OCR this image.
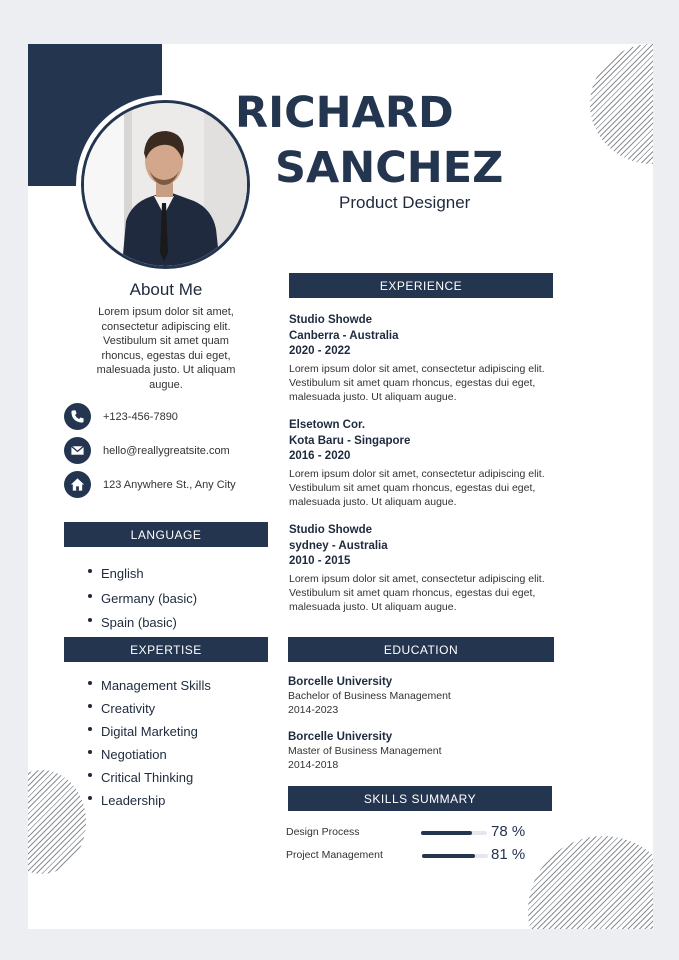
RICHARD
SANCHEZ
Product Designer
About Me
Lorem ipsum dolor sit amet,
consectetur adipiscing elit.
Vestibulum sit amet quam
rhoncus, egestas dui eget,
malesuada justo. Ut aliquam
augue.
+123-456-7890
hello@reallygreatsite.com
123 Anywhere St., Any City
LANGUAGE
English
Germany (basic)
Spain (basic)
EXPERTISE
Management Skills
Creativity
Digital Marketing
Negotiation
Critical Thinking
Leadership
EXPERIENCE
Studio Showde
Canberra - Australia
2020 - 2022
Lorem ipsum dolor sit amet, consectetur adipiscing elit.
Vestibulum sit amet quam rhoncus, egestas dui eget,
malesuada justo. Ut aliquam augue.
Elsetown Cor.
Kota Baru - Singapore
2016 - 2020
Lorem ipsum dolor sit amet, consectetur adipiscing elit.
Vestibulum sit amet quam rhoncus, egestas dui eget,
malesuada justo. Ut aliquam augue.
Studio Showde
sydney - Australia
2010 - 2015
Lorem ipsum dolor sit amet, consectetur adipiscing elit.
Vestibulum sit amet quam rhoncus, egestas dui eget,
malesuada justo. Ut aliquam augue.
EDUCATION
Borcelle University
Bachelor of Business Management
2014-2023
Borcelle University
Master of Business Management
2014-2018
SKILLS SUMMARY
Design Process	78 %
Project Management	81 %
